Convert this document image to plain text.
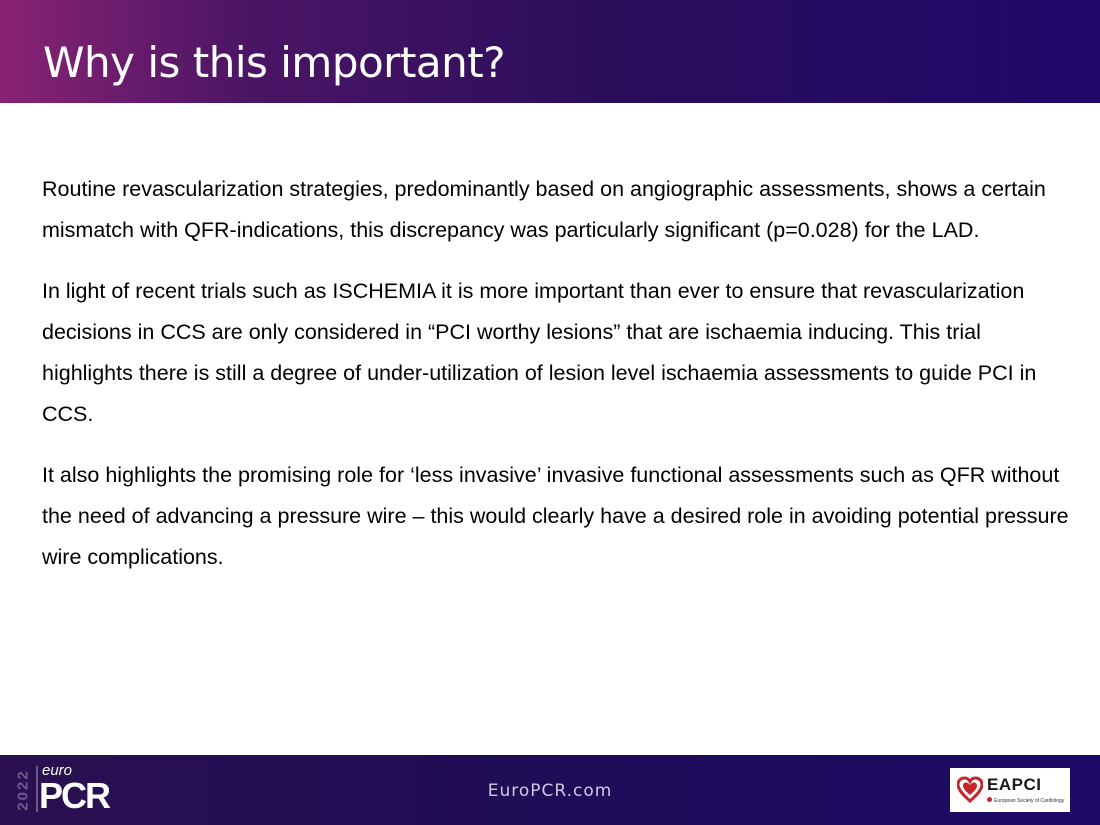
Why is this important?

Routine revascularization strategies, predominantly based on angiographic assessments, shows a certain mismatch with QFR-indications, this discrepancy was particularly significant (p=0.028) for the LAD.

In light of recent trials such as ISCHEMIA it is more important than ever to ensure that revascularization decisions in CCS are only considered in “PCI worthy lesions” that are ischaemia inducing. This trial highlights there is still a degree of under-utilization of lesion level ischaemia assessments to guide PCI in CCS.

It also highlights the promising role for ‘less invasive’ invasive functional assessments such as QFR without the need of advancing a pressure wire – this would clearly have a desired role in avoiding potential pressure wire complications.

2022 euro
PCR	EuroPCR.com	EAPCI
European Society of Cardiology
